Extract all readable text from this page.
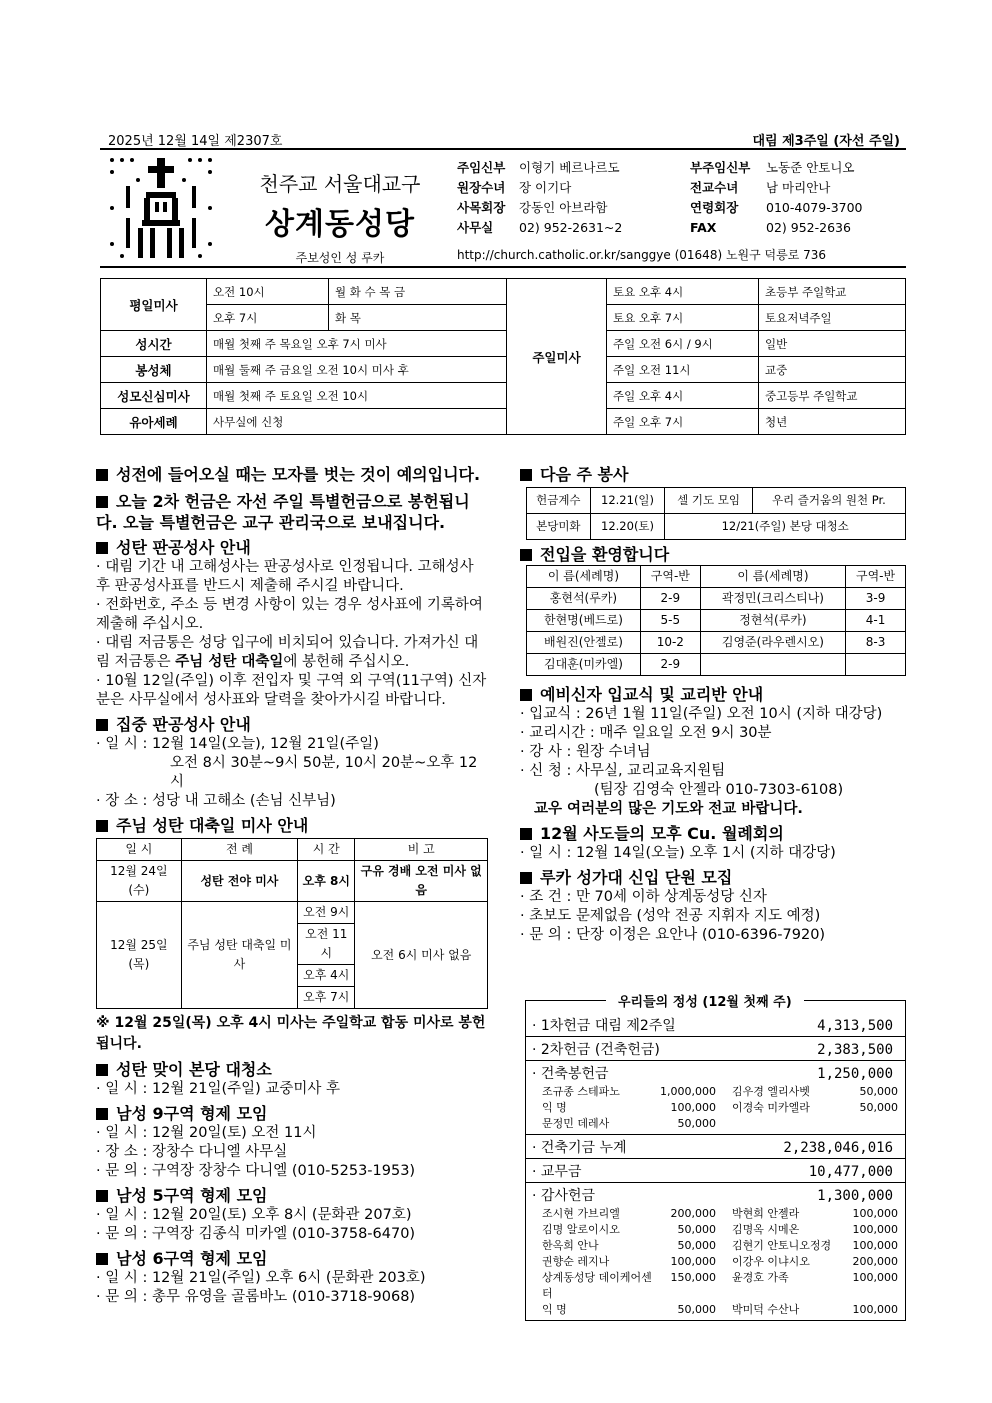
2025년 12월 14일 제2307호	대림 제3주일 (자선 주일)
천주교 서울대교구
상계동성당
주보성인 성 루카
주임신부 이형기 베르나르도
원장수녀 장 이기다
사목회장 강동인 아브라함
사무실 02) 952-2631~2
부주임신부 노동준 안토니오
전교수녀 남 마리안나
연령회장 010-4079-3700
FAX	02) 952-2636
http://church.catholic.or.kr/sanggye (01648) 노원구 덕릉로 736
평일미사	오전 10시	월 화 수 목 금	주일미사	토요 오후 4시	초등부 주일학교
	오후 7시	화 목		토요 오후 7시	토요저녁주일
성시간	매월 첫째 주 목요일 오후 7시 미사			주일 오전 6시 / 9시	일반
봉성체	매월 둘째 주 금요일 오전 10시 미사 후			주일 오전 11시	교중
성모신심미사	매월 첫째 주 토요일 오전 10시			주일 오후 4시	중고등부 주일학교
유아세례	사무실에 신청			주일 오후 7시	청년
성전에 들어오실 때는 모자를 벗는 것이 예의입니다.
오늘 2차 헌금은 자선 주일 특별헌금으로 봉헌됩니다. 오늘 특별헌금은 교구 관리국으로 보내집니다.
성탄 판공성사 안내

· 대림 기간 내 고해성사는 판공성사로 인정됩니다. 고해성사 후 판공성사표를 반드시 제출해 주시길 바랍니다.

· 전화번호, 주소 등 변경 사항이 있는 경우 성사표에 기록하여 제출해 주십시오.

· 대림 저금통은 성당 입구에 비치되어 있습니다. 가져가신 대림 저금통은 주님 성탄 대축일에 봉헌해 주십시오.

· 10월 12일(주일) 이후 전입자 및 구역 외 구역(11구역) 신자분은 사무실에서 성사표와 달력을 찾아가시길 바랍니다.

집중 판공성사 안내

· 일 시 : 12월 14일(오늘), 12월 21일(주일)

오전 8시 30분~9시 50분, 10시 20분~오후 12시

· 장 소 : 성당 내 고해소 (손님 신부님)

주님 성탄 대축일 미사 안내
일 시	전 례	시 간	비 고
12월 24일 (수)	성탄 전야 미사	오후 8시	구유 경배 오전 미사 없음
12월 25일 (목)	주님 성탄 대축일 미사	오전 9시	오전 6시 미사 없음
		오전 11시	
		오후 4시	
		오후 7시	
※ 12월 25일(목) 오후 4시 미사는 주일학교 합동 미사로 봉헌됩니다.
성탄 맞이 본당 대청소

· 일 시 : 12월 21일(주일) 교중미사 후

남성 9구역 형제 모임

· 일 시 : 12월 20일(토) 오전 11시

· 장 소 : 장창수 다니엘 사무실

· 문 의 : 구역장 장창수 다니엘 (010-5253-1953)

남성 5구역 형제 모임

· 일 시 : 12월 20일(토) 오후 8시 (문화관 207호)

· 문 의 : 구역장 김종식 미카엘 (010-3758-6470)

남성 6구역 형제 모임

· 일 시 : 12월 21일(주일) 오후 6시 (문화관 203호)

· 문 의 : 총무 유영을 골롬바노 (010-3718-9068)

다음 주 봉사
헌금계수	12.21(일)	셀 기도 모임	우리 즐거움의 원천 Pr.
본당미화	12.20(토)	12/21(주일) 본당 대청소	
전입을 환영합니다
이 름(세례명)	구역-반	이 름(세례명)	구역-반
홍현석(루카)	2-9	곽정민(크리스티나)	3-9
한현명(베드로)	5-5	정현석(루카)	4-1
배원진(안젤로)	10-2	김영준(라우렌시오)	8-3
김대훈(미카엘)	2-9		
예비신자 입교식 및 교리반 안내

· 입교식 : 26년 1월 11일(주일) 오전 10시 (지하 대강당)

· 교리시간 : 매주 일요일 오전 9시 30분

· 강 사 : 원장 수녀님

· 신 청 : 사무실, 교리교육지원팀

(팀장 김영숙 안젤라 010-7303-6108)

교우 여러분의 많은 기도와 전교 바랍니다.

12월 사도들의 모후 Cu. 월례회의

· 일 시 : 12월 14일(오늘) 오후 1시 (지하 대강당)

루카 성가대 신입 단원 모집

· 조 건 : 만 70세 이하 상계동성당 신자

· 초보도 문제없음 (성악 전공 지휘자 지도 예정)

· 문 의 : 단장 이정은 요안나 (010-6396-7920)

우리들의 정성 (12월 첫째 주)
· 1차헌금 대림 제2주일	4,313,500
· 2차헌금 (건축헌금)	2,383,500
· 건축봉헌금	1,250,000
조규종 스테파노	1,000,000 김우경 엘리사벳	50,000
익 명	100,000 이경숙 미카엘라	50,000
문정민 데레사	50,000
· 건축기금 누계	2,238,046,016
· 교무금	10,477,000
· 감사헌금	1,300,000
조시현 가브리엘	200,000 박현희 안젤라	100,000
김명 알로이시오	50,000 김명옥 시메온	100,000
한옥희 안나	50,000 김현기 안토니오정경	100,000
권향순 레지나	100,000 이강우 이냐시오	200,000
상계동성당 데이케어센터
150,000 윤경호 가족	100,000
익 명	50,000 박미덕 수산나	100,000
